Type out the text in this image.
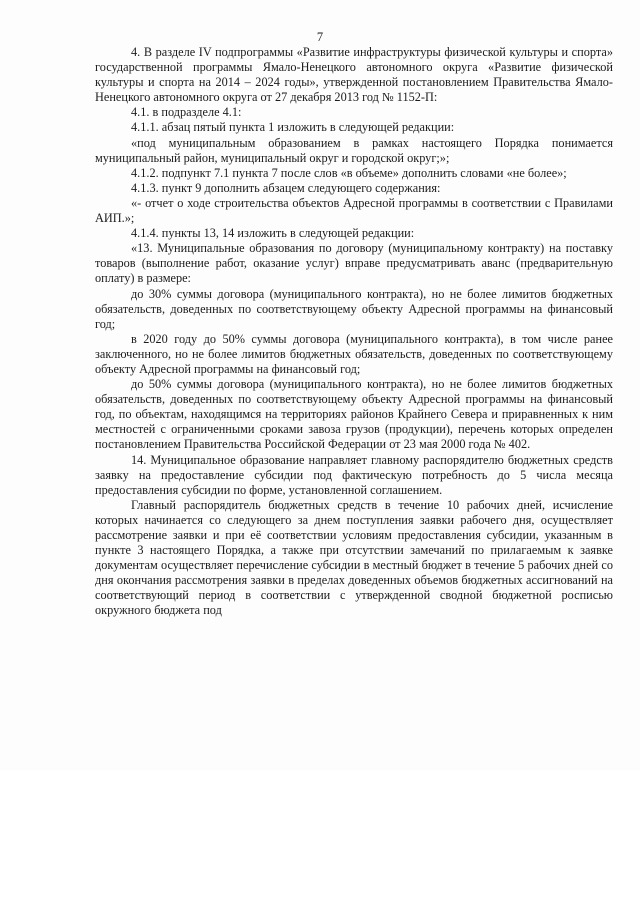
7

4. В разделе IV подпрограммы «Развитие инфраструктуры физической культуры и спорта» государственной программы Ямало-Ненецкого автономного округа «Развитие физической культуры и спорта на 2014 – 2024 годы», утвержденной постановлением Правительства Ямало-Ненецкого автономного округа от 27 декабря 2013 год № 1152-П:

4.1. в подразделе 4.1:

4.1.1. абзац пятый пункта 1 изложить в следующей редакции:

«под муниципальным образованием в рамках настоящего Порядка понимается муниципальный район, муниципальный округ и городской округ;»;

4.1.2. подпункт 7.1 пункта 7 после слов «в объеме» дополнить словами «не более»;

4.1.3. пункт 9 дополнить абзацем следующего содержания:

«- отчет о ходе строительства объектов Адресной программы в соответствии с Правилами АИП.»;

4.1.4. пункты 13, 14 изложить в следующей редакции:

«13. Муниципальные образования по договору (муниципальному контракту) на поставку товаров (выполнение работ, оказание услуг) вправе предусматривать аванс (предварительную оплату) в размере:

до 30% суммы договора (муниципального контракта), но не более лимитов бюджетных обязательств, доведенных по соответствующему объекту Адресной программы на финансовый год;

в 2020 году до 50% суммы договора (муниципального контракта), в том числе ранее заключенного, но не более лимитов бюджетных обязательств, доведенных по соответствующему объекту Адресной программы на финансовый год;

до 50% суммы договора (муниципального контракта), но не более лимитов бюджетных обязательств, доведенных по соответствующему объекту Адресной программы на финансовый год, по объектам, находящимся на территориях районов Крайнего Севера и приравненных к ним местностей с ограниченными сроками завоза грузов (продукции), перечень которых определен постановлением Правительства Российской Федерации от 23 мая 2000 года № 402.

14. Муниципальное образование направляет главному распорядителю бюджетных средств заявку на предоставление субсидии под фактическую потребность до 5 числа месяца предоставления субсидии по форме, установленной соглашением.

Главный распорядитель бюджетных средств в течение 10 рабочих дней, исчисление которых начинается со следующего за днем поступления заявки рабочего дня, осуществляет рассмотрение заявки и при её соответствии условиям предоставления субсидии, указанным в пункте 3 настоящего Порядка, а также при отсутствии замечаний по прилагаемым к заявке документам осуществляет перечисление субсидии в местный бюджет в течение 5 рабочих дней со дня окончания рассмотрения заявки в пределах доведенных объемов бюджетных ассигнований на соответствующий период в соответствии с утвержденной сводной бюджетной росписью окружного бюджета под
